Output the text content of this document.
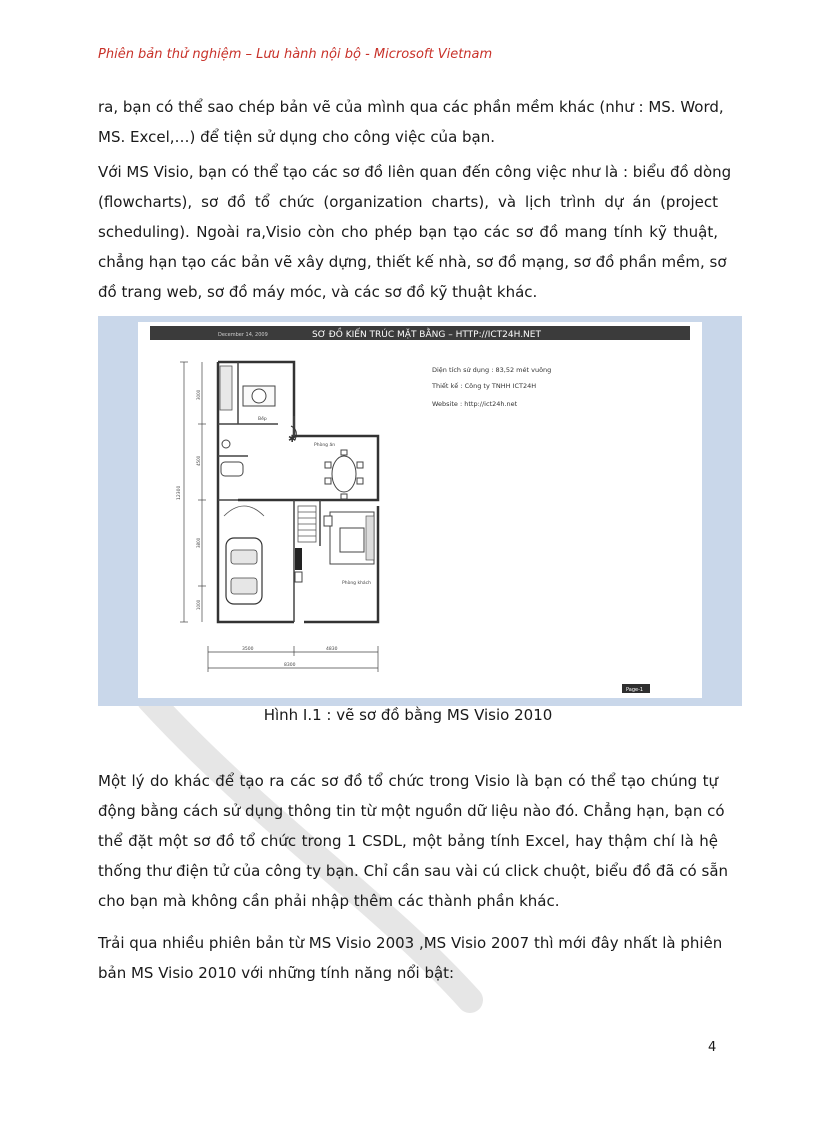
Phiên bản thử nghiệm – Lưu hành nội bộ - Microsoft Vietnam
ra, bạn có thể sao chép bản vẽ của mình qua các phần mềm khác (như : MS. Word,
MS. Excel,…) để tiện sử dụng cho công việc của bạn.
Với MS Visio, bạn có thể tạo các sơ đồ liên quan đến công việc như là : biểu đồ dòng
(flowcharts), sơ đồ tổ chức (organization charts), và lịch trình dự án (project
scheduling). Ngoài ra,Visio còn cho phép bạn tạo các sơ đồ mang tính kỹ thuật,
chẳng hạn tạo các bản vẽ xây dựng, thiết kế nhà, sơ đồ mạng, sơ đồ phần mềm, sơ
đồ trang web, sơ đồ máy móc, và các sơ đồ kỹ thuật khác.
December 14, 2009	SƠ ĐỒ KIẾN TRÚC MẶT BẰNG – HTTP://ICT24H.NET
Diện tích sử dụng : 83,52 mét vuông
Thiết kế : Công ty TNHH ICT24H
Website : http://ict24h.net
Bếp
✱
Phòng ăn
Phòng khách
12300
3000
4500
3800
1000
3500	4830
8300
Page-1
Hình I.1 : vẽ sơ đồ bằng MS Visio 2010
Một lý do khác để tạo ra các sơ đồ tổ chức trong Visio là bạn có thể tạo chúng tự
động bằng cách sử dụng thông tin từ một nguồn dữ liệu nào đó. Chẳng hạn, bạn có
thể đặt một sơ đồ tổ chức trong 1 CSDL, một bảng tính Excel, hay thậm chí là hệ
thống thư điện tử của công ty bạn. Chỉ cần sau vài cú click chuột, biểu đồ đã có sẵn
cho bạn mà không cần phải nhập thêm các thành phần khác.
Trải qua nhiều phiên bản từ MS Visio 2003 ,MS Visio 2007 thì mới đây nhất là phiên
bản MS Visio 2010 với những tính năng nổi bật:
4
